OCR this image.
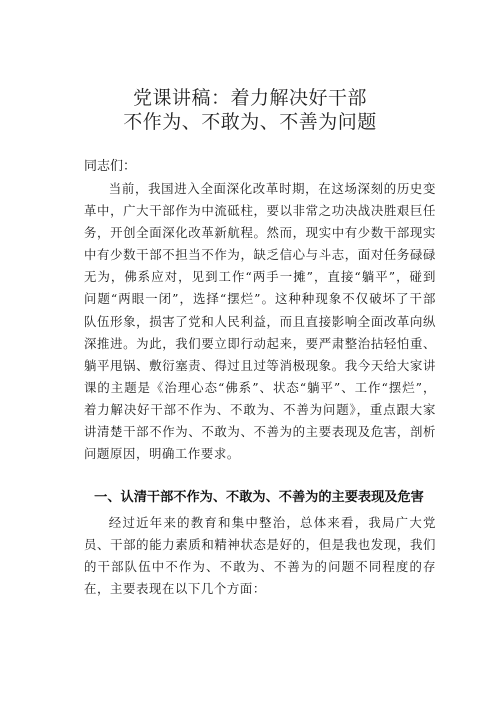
党课讲稿：着力解决好干部
不作为、不敢为、不善为问题
同志们：

当前，我国进入全面深化改革时期，在这场深刻的历史变革中，广大干部作为中流砥柱，要以非常之功决战决胜艰巨任务，开创全面深化改革新航程。然而，现实中有少数干部现实中有少数干部不担当不作为，缺乏信心与斗志，面对任务碌碌无为，佛系应对，见到工作“两手一摊”，直接“躺平”，碰到问题“两眼一闭”，选择“摆烂”。这种种现象不仅破坏了干部队伍形象，损害了党和人民利益，而且直接影响全面改革向纵深推进。为此，我们要立即行动起来，要严肃整治拈轻怕重、躺平甩锅、敷衍塞责、得过且过等消极现象。我今天给大家讲课的主题是《治理心态“佛系”、状态“躺平”、工作“摆烂”，着力解决好干部不作为、不敢为、不善为问题》，重点跟大家讲清楚干部不作为、不敢为、不善为的主要表现及危害，剖析问题原因，明确工作要求。

一、认清干部不作为、不敢为、不善为的主要表现及危害

经过近年来的教育和集中整治，总体来看，我局广大党员、干部的能力素质和精神状态是好的，但是我也发现，我们的干部队伍中不作为、不敢为、不善为的问题不同程度的存在，主要表现在以下几个方面：
